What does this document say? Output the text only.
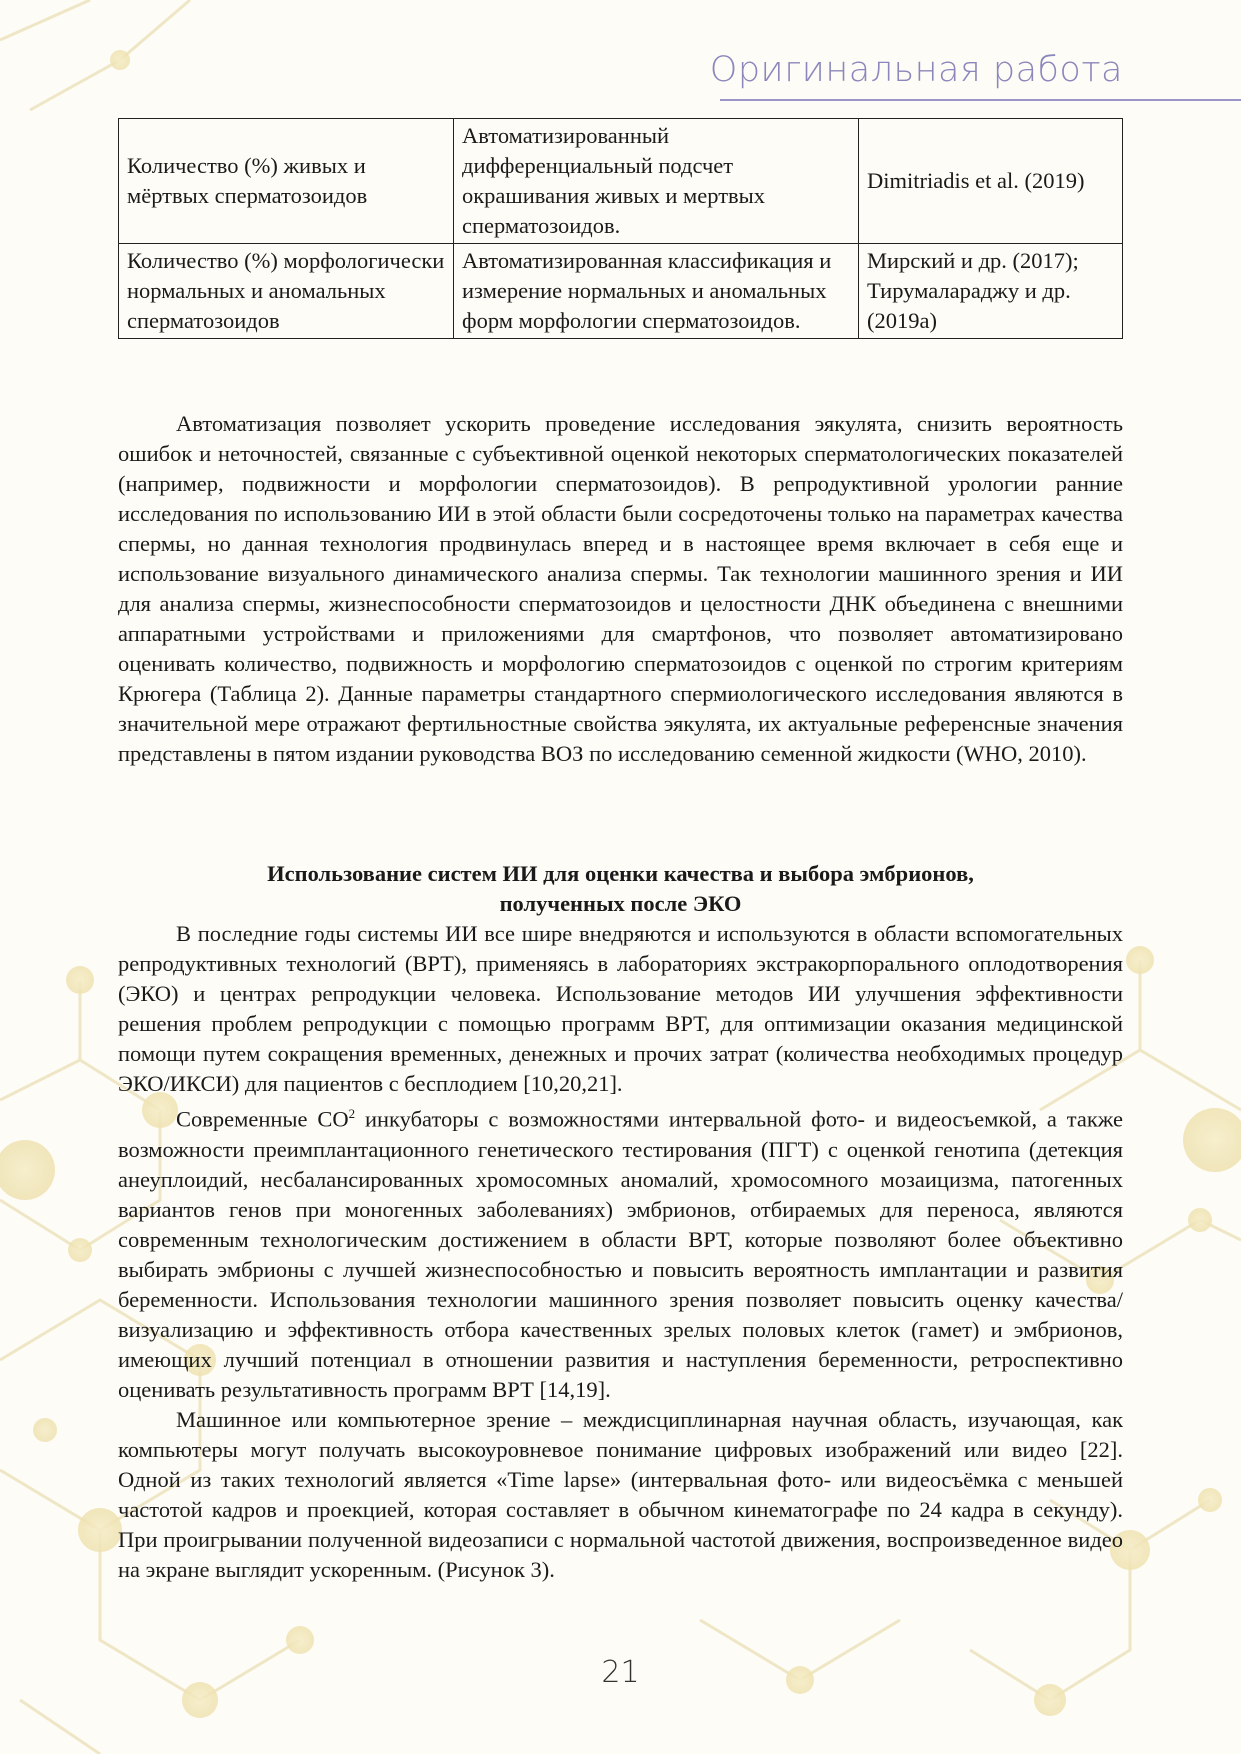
Оригинальная работа
Количество (%) живых и мёртвых сперматозоидов	Автоматизированный дифференциальный подсчет окрашивания живых и мертвых сперматозоидов.	Dimitriadis et al. (2019)
Количество (%) морфологически нормальных и аномальных сперматозоидов	Автоматизированная классификация и измерение нормальных и аномальных форм морфологии сперматозоидов.	Мирский и др. (2017); Тирумалараджу и др. (2019a)

Автоматизация позволяет ускорить проведение исследования эякулята, снизить вероятность ошибок и неточностей, связанные с субъективной оценкой некоторых сперматологических показателей (например, подвижности и морфологии сперматозоидов). В репродуктивной урологии ранние исследования по использованию ИИ в этой области были сосредоточены только на параметрах качества спермы, но данная технология продвинулась вперед и в настоящее время включает в себя еще и использование визуального динамического анализа спермы. Так технологии машинного зрения и ИИ для анализа спермы, жизнеспособности сперматозоидов и целостности ДНК объединена с внешними аппаратными устройствами и приложениями для смартфонов, что позволяет автоматизировано оценивать количество, подвижность и морфологию сперматозоидов с оценкой по строгим критериям Крюгера (Таблица 2). Данные параметры стандартного спермиологического исследования являются в значительной мере отражают фертильностные свойства эякулята, их актуальные референсные значения представлены в пятом издании руководства ВОЗ по исследованию семенной жидкости (WHO, 2010).

Использование систем ИИ для оценки качества и выбора эмбрионов,
полученных после ЭКО

В последние годы системы ИИ все шире внедряются и используются в области вспомогательных репродуктивных технологий (ВРТ), применяясь в лабораториях экстракорпорального оплодотворения (ЭКО) и центрах репродукции человека. Использование методов ИИ улучшения эффективности решения проблем репродукции с помощью программ ВРТ, для оптимизации оказания медицинской помощи путем сокращения временных, денежных и прочих затрат (количества необходимых процедур ЭКО/ИКСИ) для пациентов с бесплодием [10,20,21].

Современные $CO^2$ инкубаторы с возможностями интервальной фото- и видеосъемкой, а также возможности преимплантационного генетического тестирования (ПГТ) с оценкой генотипа (детекция анеуплоидий, несбалансированных хромосомных аномалий, хромосомного мозаицизма, патогенных вариантов генов при моногенных заболеваниях) эмбрионов, отбираемых для переноса, являются современным технологическим достижением в области ВРТ, которые позволяют более объективно выбирать эмбрионы с лучшей жизнеспособностью и повысить вероятность имплантации и развития беременности. Использования технологии машинного зрения позволяет повысить оценку качества/визуализацию и эффективность отбора качественных зрелых половых клеток (гамет) и эмбрионов, имеющих лучший потенциал в отношении развития и наступления беременности, ретроспективно оценивать результативность программ ВРТ [14,19].

Машинное или компьютерное зрение – междисциплинарная научная область, изучающая, как компьютеры могут получать высокоуровневое понимание цифровых изображений или видео [22]. Одной из таких технологий является «Time lapse» (интервальная фото- или видеосъёмка с меньшей частотой кадров и проекцией, которая составляет в обычном кинематографе по 24 кадра в секунду). При проигрывании полученной видеозаписи с нормальной частотой движения, воспроизведенное видео на экране выглядит ускоренным. (Рисунок 3).

21
